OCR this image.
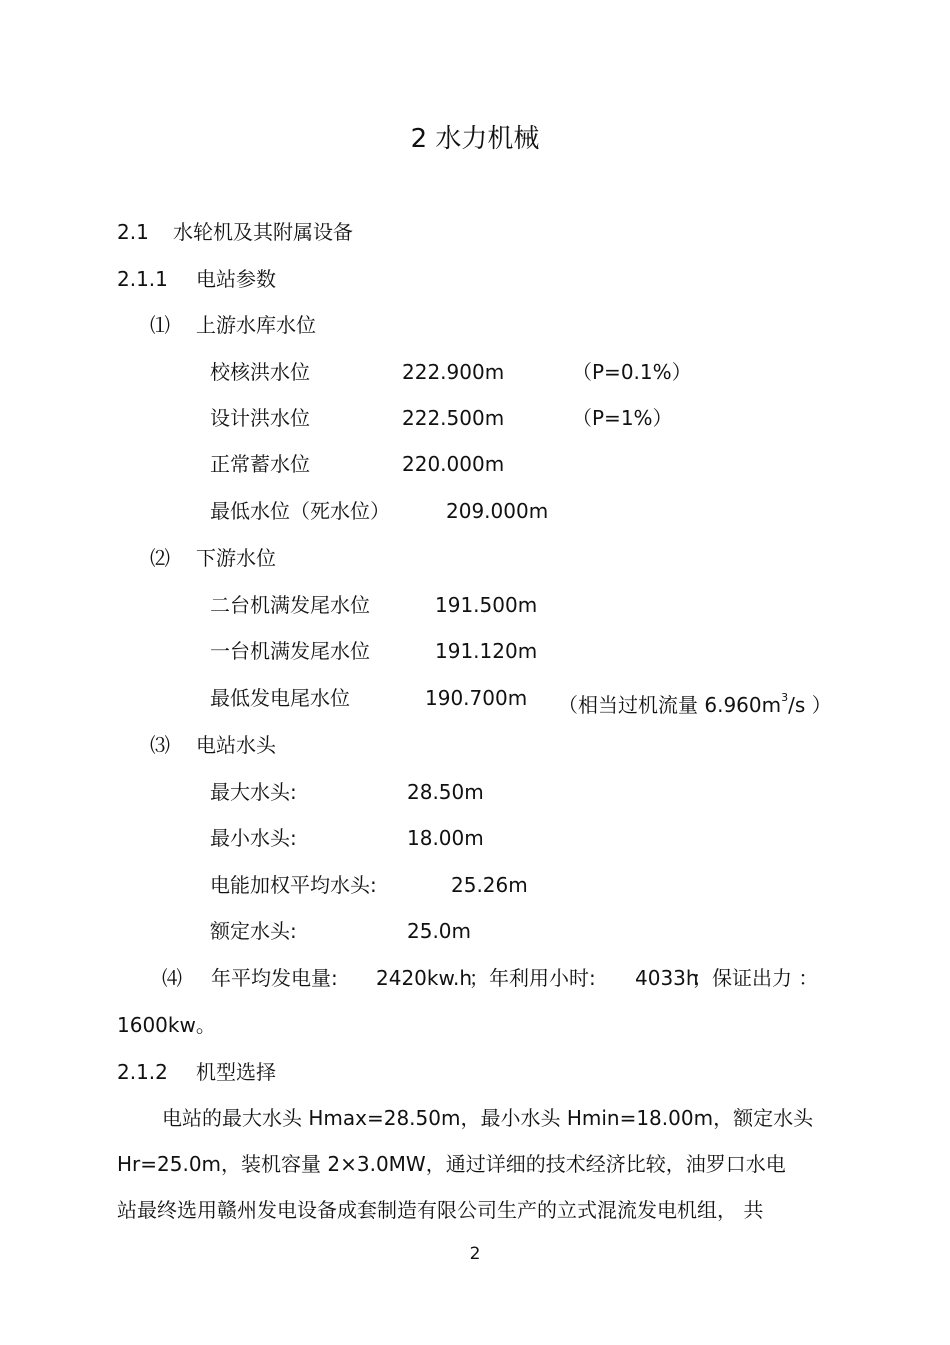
2 水力机械
2.1 水轮机及其附属设备
2.1.1 电站参数
⑴ 上游水库水位
校核洪水位	222.900m	（P=0.1%）
设计洪水位	222.500m	（P=1%）
正常蓄水位	220.000m
最低水位（死水位）	209.000m
⑵ 下游水位
二台机满发尾水位	191.500m
一台机满发尾水位	191.120m
最低发电尾水位	190.700m （相当过机流量 $6.960m^3/s$ ）
⑶ 电站水头
最大水头:	28.50m
最小水头:	18.00m
电能加权平均水头:	25.26m
额定水头:	25.0m
⑷ 年平均发电量: 2420kw.h
；年利用小时: 4033h
；保证出力 ：
1600kw。
2.1.2 机型选择
电站的最大水头 Hmax=28.50m，最小水头 Hmin=18.00m，额定水头
Hr=25.0m，装机容量 2×3.0MW，通过详细的技术经济比较，油罗口水电
站最终选用赣州发电设备成套制造有限公司生产的立式混流发电机组， 共
2
